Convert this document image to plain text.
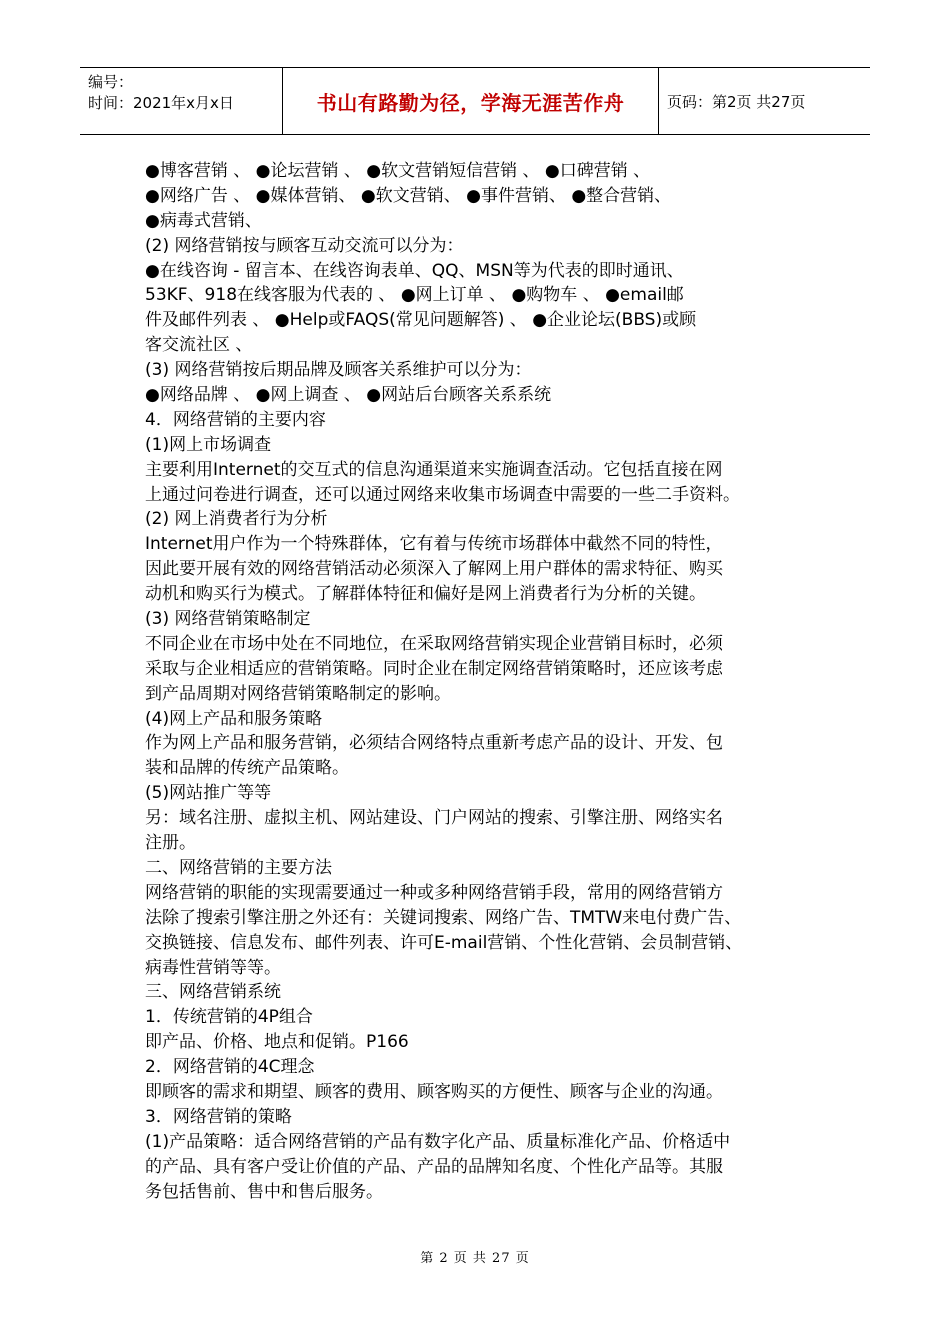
编号：
时间：2021年x月x日	书山有路勤为径，学海无涯苦作舟	页码：第2页 共27页
●博客营销 、 ●论坛营销 、 ●软文营销短信营销 、 ●口碑营销 、
●网络广告 、 ●媒体营销、 ●软文营销、 ●事件营销、 ●整合营销、
●病毒式营销、
(2) 网络营销按与顾客互动交流可以分为：
●在线咨询 - 留言本、在线咨询表单、QQ、MSN等为代表的即时通讯、
53KF、918在线客服为代表的 、 ●网上订单 、 ●购物车 、 ●email邮
件及邮件列表 、 ●Help或FAQS(常见问题解答) 、 ●企业论坛(BBS)或顾
客交流社区 、
(3) 网络营销按后期品牌及顾客关系维护可以分为：
●网络品牌 、 ●网上调查 、 ●网站后台顾客关系系统
4．网络营销的主要内容
(1)网上市场调查
主要利用Internet的交互式的信息沟通渠道来实施调查活动。它包括直接在网
上通过问卷进行调查，还可以通过网络来收集市场调查中需要的一些二手资料。
(2) 网上消费者行为分析
Internet用户作为一个特殊群体，它有着与传统市场群体中截然不同的特性，
因此要开展有效的网络营销活动必须深入了解网上用户群体的需求特征、购买
动机和购买行为模式。了解群体特征和偏好是网上消费者行为分析的关键。
(3) 网络营销策略制定
不同企业在市场中处在不同地位，在采取网络营销实现企业营销目标时，必须
采取与企业相适应的营销策略。同时企业在制定网络营销策略时，还应该考虑
到产品周期对网络营销策略制定的影响。
(4)网上产品和服务策略
作为网上产品和服务营销，必须结合网络特点重新考虑产品的设计、开发、包
装和品牌的传统产品策略。
(5)网站推广等等
另：域名注册、虚拟主机、网站建设、门户网站的搜索、引擎注册、网络实名
注册。
二、网络营销的主要方法
网络营销的职能的实现需要通过一种或多种网络营销手段，常用的网络营销方
法除了搜索引擎注册之外还有：关键词搜索、网络广告、TMTW来电付费广告、
交换链接、信息发布、邮件列表、许可E-mail营销、个性化营销、会员制营销、
病毒性营销等等。
三、网络营销系统
1．传统营销的4P组合
即产品、价格、地点和促销。P166
2．网络营销的4C理念
即顾客的需求和期望、顾客的费用、顾客购买的方便性、顾客与企业的沟通。
3．网络营销的策略
(1)产品策略：适合网络营销的产品有数字化产品、质量标准化产品、价格适中
的产品、具有客户受让价值的产品、产品的品牌知名度、个性化产品等。其服
务包括售前、售中和售后服务。
第 2 页 共 27 页
